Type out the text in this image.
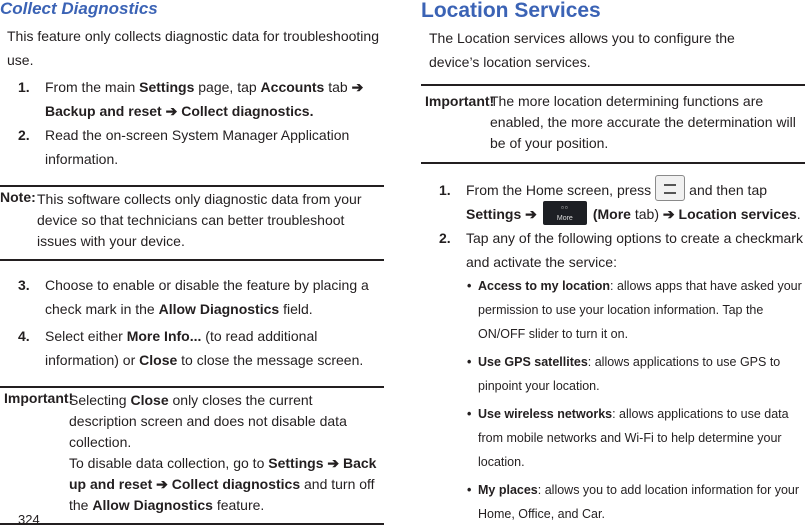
Collect Diagnostics

This feature only collects diagnostic data for troubleshooting use.

1. From the main Settings page, tap Accounts tab ➔ Backup and reset ➔ Collect diagnostics.
2. Read the on-screen System Manager Application information.
Note: This software collects only diagnostic data from your device so that technicians can better troubleshoot issues with your device.
3. Choose to enable or disable the feature by placing a check mark in the Allow Diagnostics field.
4. Select either More Info... (to read additional information) or Close to close the message screen.
Important!
Selecting Close only closes the current description screen and does not disable data collection.
To disable data collection, go to Settings ➔ Back up and reset ➔ Collect diagnostics and turn off the Allow Diagnostics feature.
Location Services

The Location services allows you to configure the device’s location services.

Important!
The more location determining functions are enabled, the more accurate the determination will be of your position.
1. From the Home screen, press	and then tap
Settings ➔	▫▫
More	(More tab) ➔ Location services.
2. Tap any of the following options to create a checkmark and activate the service:
• Access to my location: allows apps that have asked your permission to use your location information. Tap the ON/OFF slider to turn it on.
• Use GPS satellites: allows applications to use GPS to pinpoint your location.
• Use wireless networks: allows applications to use data from mobile networks and Wi-Fi to help determine your location.
• My places: allows you to add location information for your Home, Office, and Car.
324
